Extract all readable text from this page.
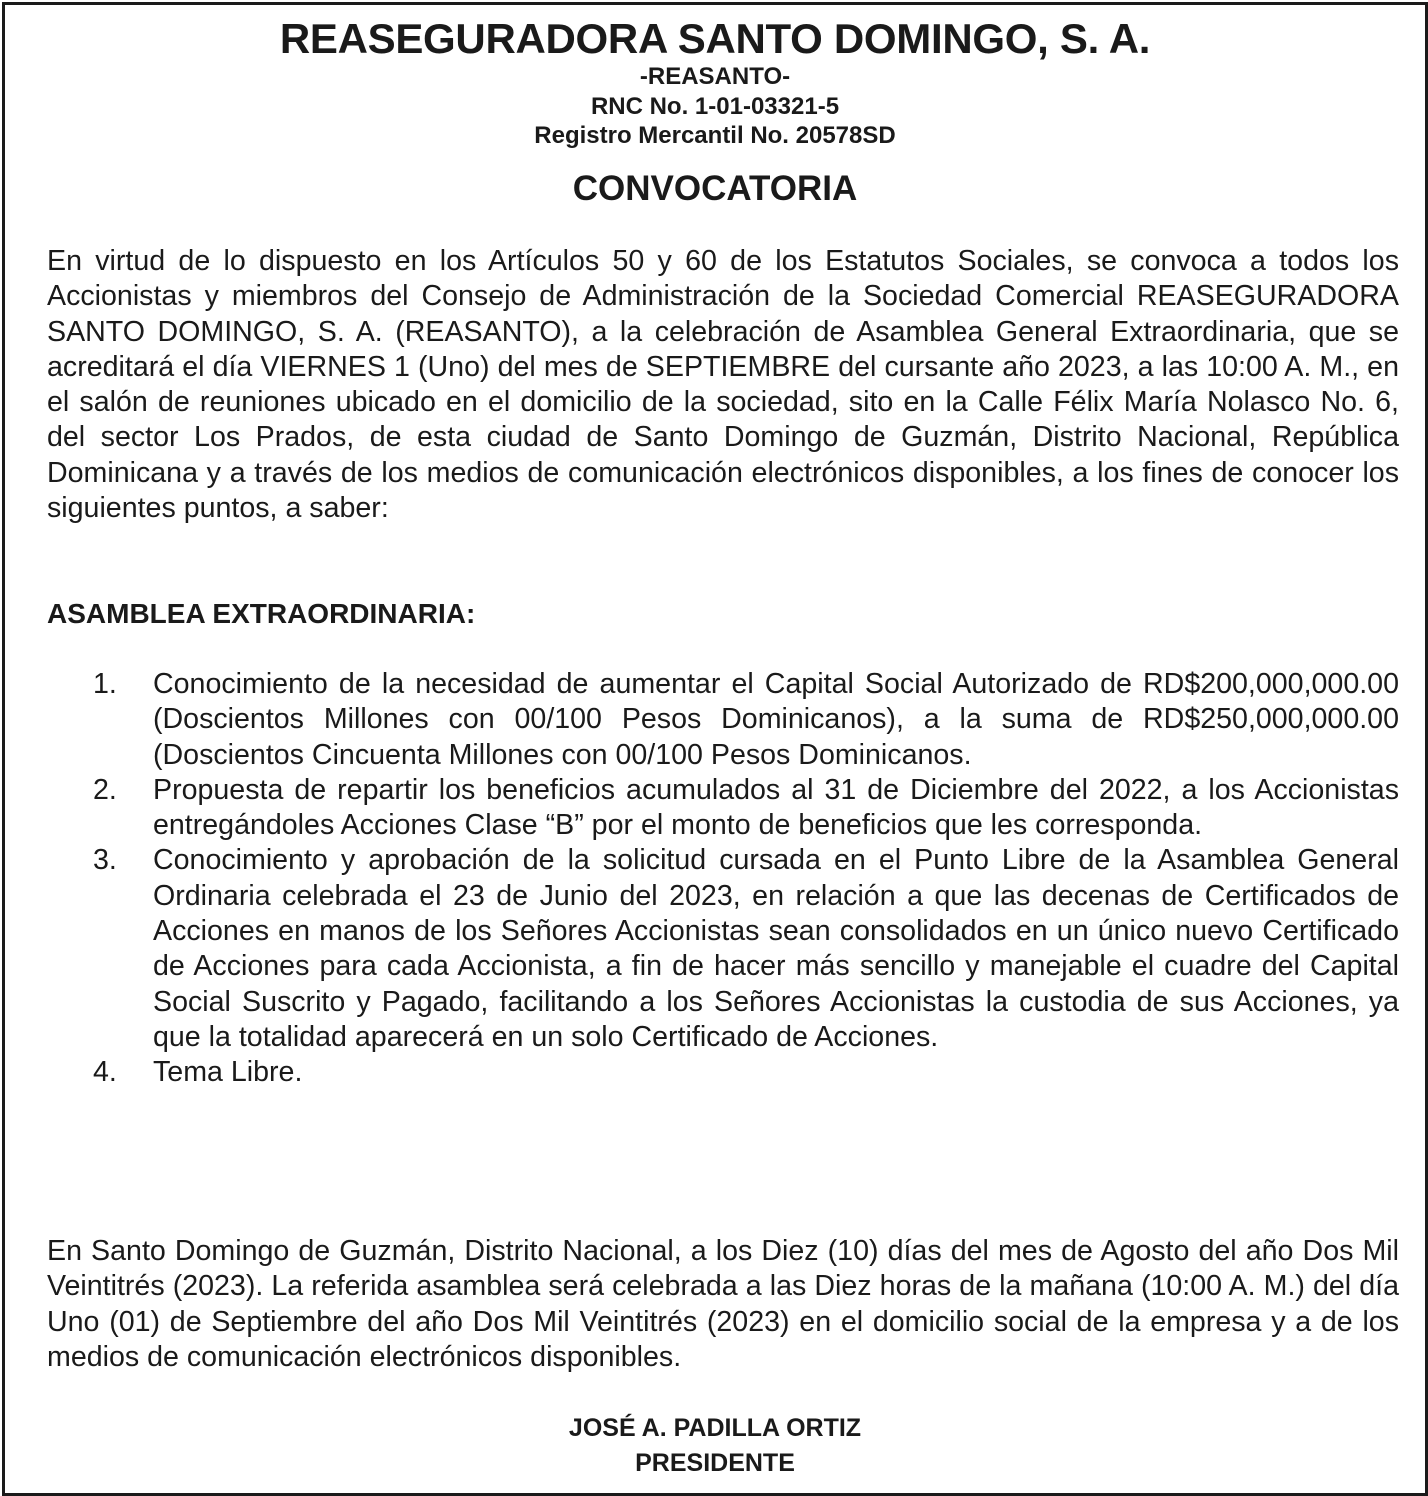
REASEGURADORA SANTO DOMINGO, S. A.
-REASANTO-
RNC No. 1-01-03321-5
Registro Mercantil No. 20578SD
CONVOCATORIA
En virtud de lo dispuesto en los Artículos 50 y 60 de los Estatutos Sociales, se convoca a todos los Accionistas y miembros del Consejo de Administración de la Sociedad Comercial REASEGURADORA SANTO DOMINGO, S. A. (REASANTO), a la celebración de Asamblea General Extraordinaria, que se acreditará el día VIERNES 1 (Uno) del mes de SEPTIEMBRE del cursante año 2023, a las 10:00 A. M., en el salón de reuniones ubicado en el domicilio de la sociedad, sito en la Calle Félix María Nolasco No. 6, del sector Los Prados, de esta ciudad de Santo Domingo de Guzmán, Distrito Nacional, República Dominicana y a través de los medios de comunicación electrónicos disponibles, a los fines de conocer los siguientes puntos, a saber:
ASAMBLEA EXTRAORDINARIA:
1.	Conocimiento de la necesidad de aumentar el Capital Social Autorizado de RD$200,000,000.00 (Doscientos Millones con 00/100 Pesos Dominicanos), a la suma de RD$250,000,000.00 (Doscientos Cincuenta Millones con 00/100 Pesos Dominicanos.
2.	Propuesta de repartir los beneficios acumulados al 31 de Diciembre del 2022, a los Accionistas entregándoles Acciones Clase “B” por el monto de beneficios que les corresponda.
3.	Conocimiento y aprobación de la solicitud cursada en el Punto Libre de la Asamblea General Ordinaria celebrada el 23 de Junio del 2023, en relación a que las decenas de Certificados de Acciones en manos de los Señores Accionistas sean consolidados en un único nuevo Certificado de Acciones para cada Accionista, a fin de hacer más sencillo y manejable el cuadre del Capital Social Suscrito y Pagado, facilitando a los Señores Accionistas la custodia de sus Acciones, ya que la totalidad aparecerá en un solo Certificado de Acciones.
4.	Tema Libre.
En Santo Domingo de Guzmán, Distrito Nacional, a los Diez (10) días del mes de Agosto del año Dos Mil Veintitrés (2023). La referida asamblea será celebrada a las Diez horas de la mañana (10:00 A. M.) del día Uno (01) de Septiembre del año Dos Mil Veintitrés (2023) en el domicilio social de la empresa y a de los medios de comunicación electrónicos disponibles.
JOSÉ A. PADILLA ORTIZ
PRESIDENTE
